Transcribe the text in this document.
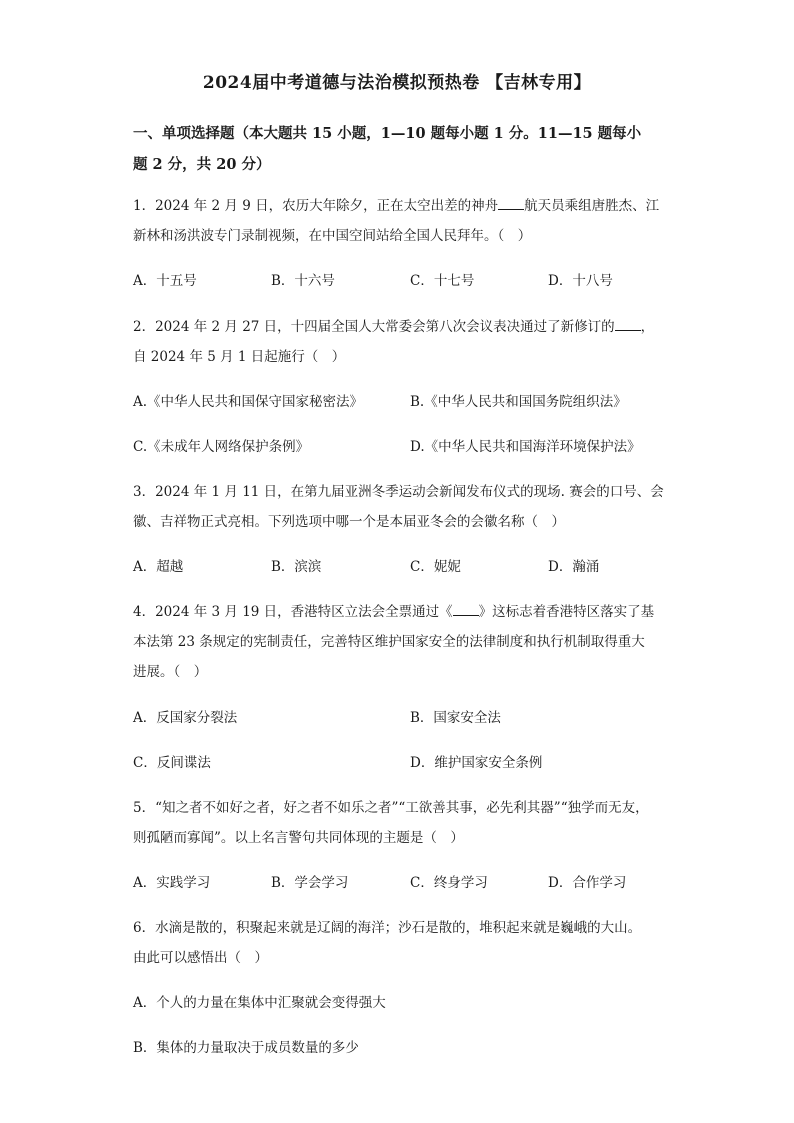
2024届中考道德与法治模拟预热卷 【吉林专用】
一、单项选择题（本大题共 15 小题，1—10 题每小题 1 分。11—15 题每小
题 2 分，共 20 分）
1．2024 年 2 月 9 日，农历大年除夕，正在太空出差的神舟 航天员乘组唐胜杰、江
新林和汤洪波专门录制视频，在中国空间站给全国人民拜年。（　）
A．十五号	B．十六号	C．十七号	D．十八号
2．2024 年 2 月 27 日，十四届全国人大常委会第八次会议表决通过了新修订的 ，
自 2024 年 5 月 1 日起施行（　）
A.《中华人民共和国保守国家秘密法》	B.《中华人民共和国国务院组织法》
C.《未成年人网络保护条例》	D.《中华人民共和国海洋环境保护法》
3．2024 年 1 月 11 日，在第九届亚洲冬季运动会新闻发布仪式的现场. 赛会的口号、会
徽、吉祥物正式亮相。下列选项中哪一个是本届亚冬会的会徽名称（　）
A．超越	B．滨滨	C．妮妮	D．瀚涌
4．2024 年 3 月 19 日，香港特区立法会全票通过《 》这标志着香港特区落实了基
本法第 23 条规定的宪制责任，完善特区维护国家安全的法律制度和执行机制取得重大
进展。（　）
A．反国家分裂法	B．国家安全法
C．反间谍法	D．维护国家安全条例
5．“知之者不如好之者，好之者不如乐之者”“工欲善其事，必先利其器”“独学而无友，
则孤陋而寡闻”。以上名言警句共同体现的主题是（　）
A．实践学习	B．学会学习	C．终身学习	D．合作学习
6．水滴是散的，积聚起来就是辽阔的海洋；沙石是散的，堆积起来就是巍峨的大山。
由此可以感悟出（　）
A．个人的力量在集体中汇聚就会变得强大
B．集体的力量取决于成员数量的多少
